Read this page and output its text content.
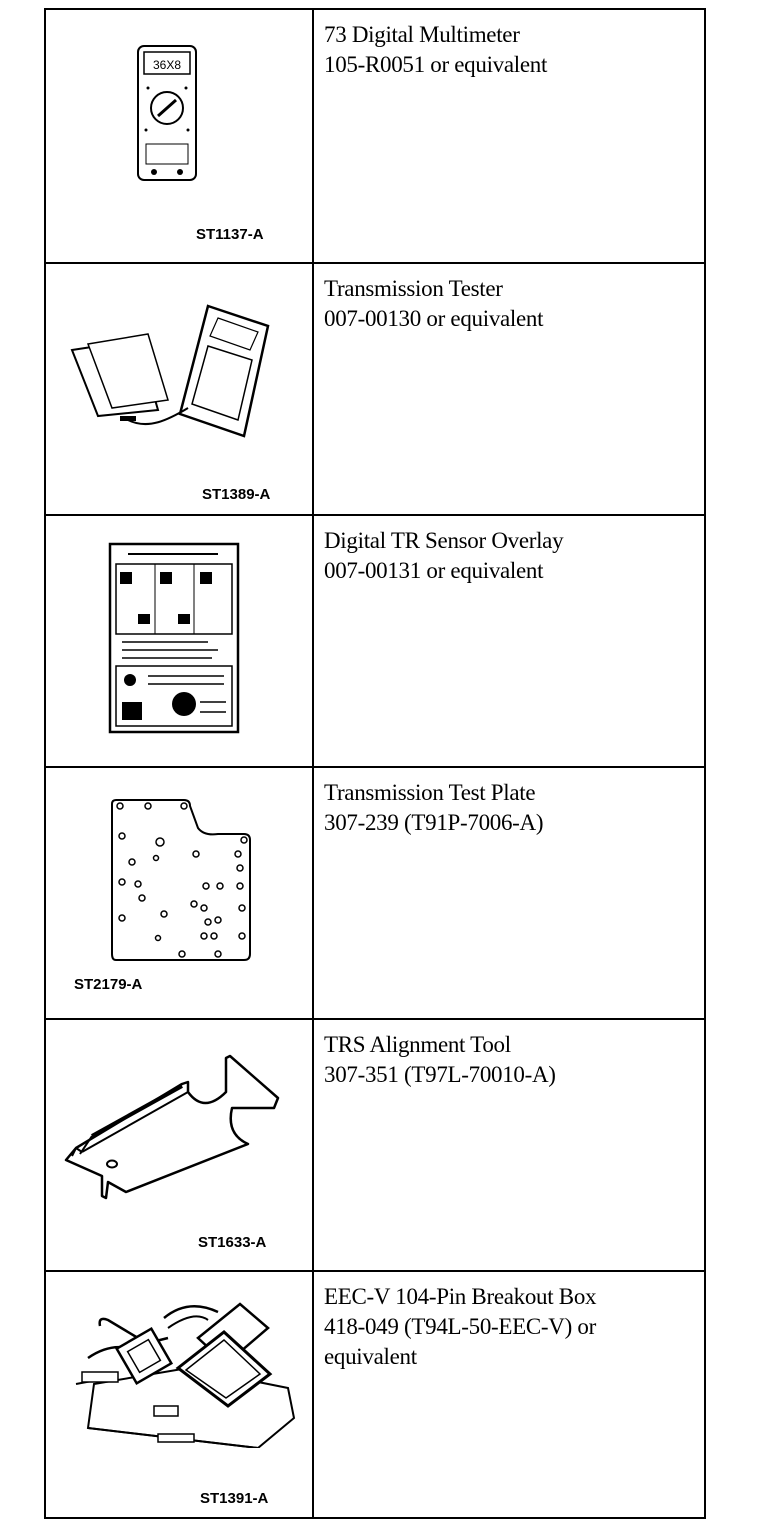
36X8
ST1137-A
73 Digital Multimeter
105-R0051 or equivalent
ST1389-A
Transmission Tester
007-00130 or equivalent
Digital TR Sensor Overlay
007-00131 or equivalent
ST2179-A
Transmission Test Plate
307-239 (T91P-7006-A)
ST1633-A
TRS Alignment Tool
307-351 (T97L-70010-A)
ST1391-A
EEC-V 104-Pin Breakout Box
418-049 (T94L-50-EEC-V) or
equivalent
